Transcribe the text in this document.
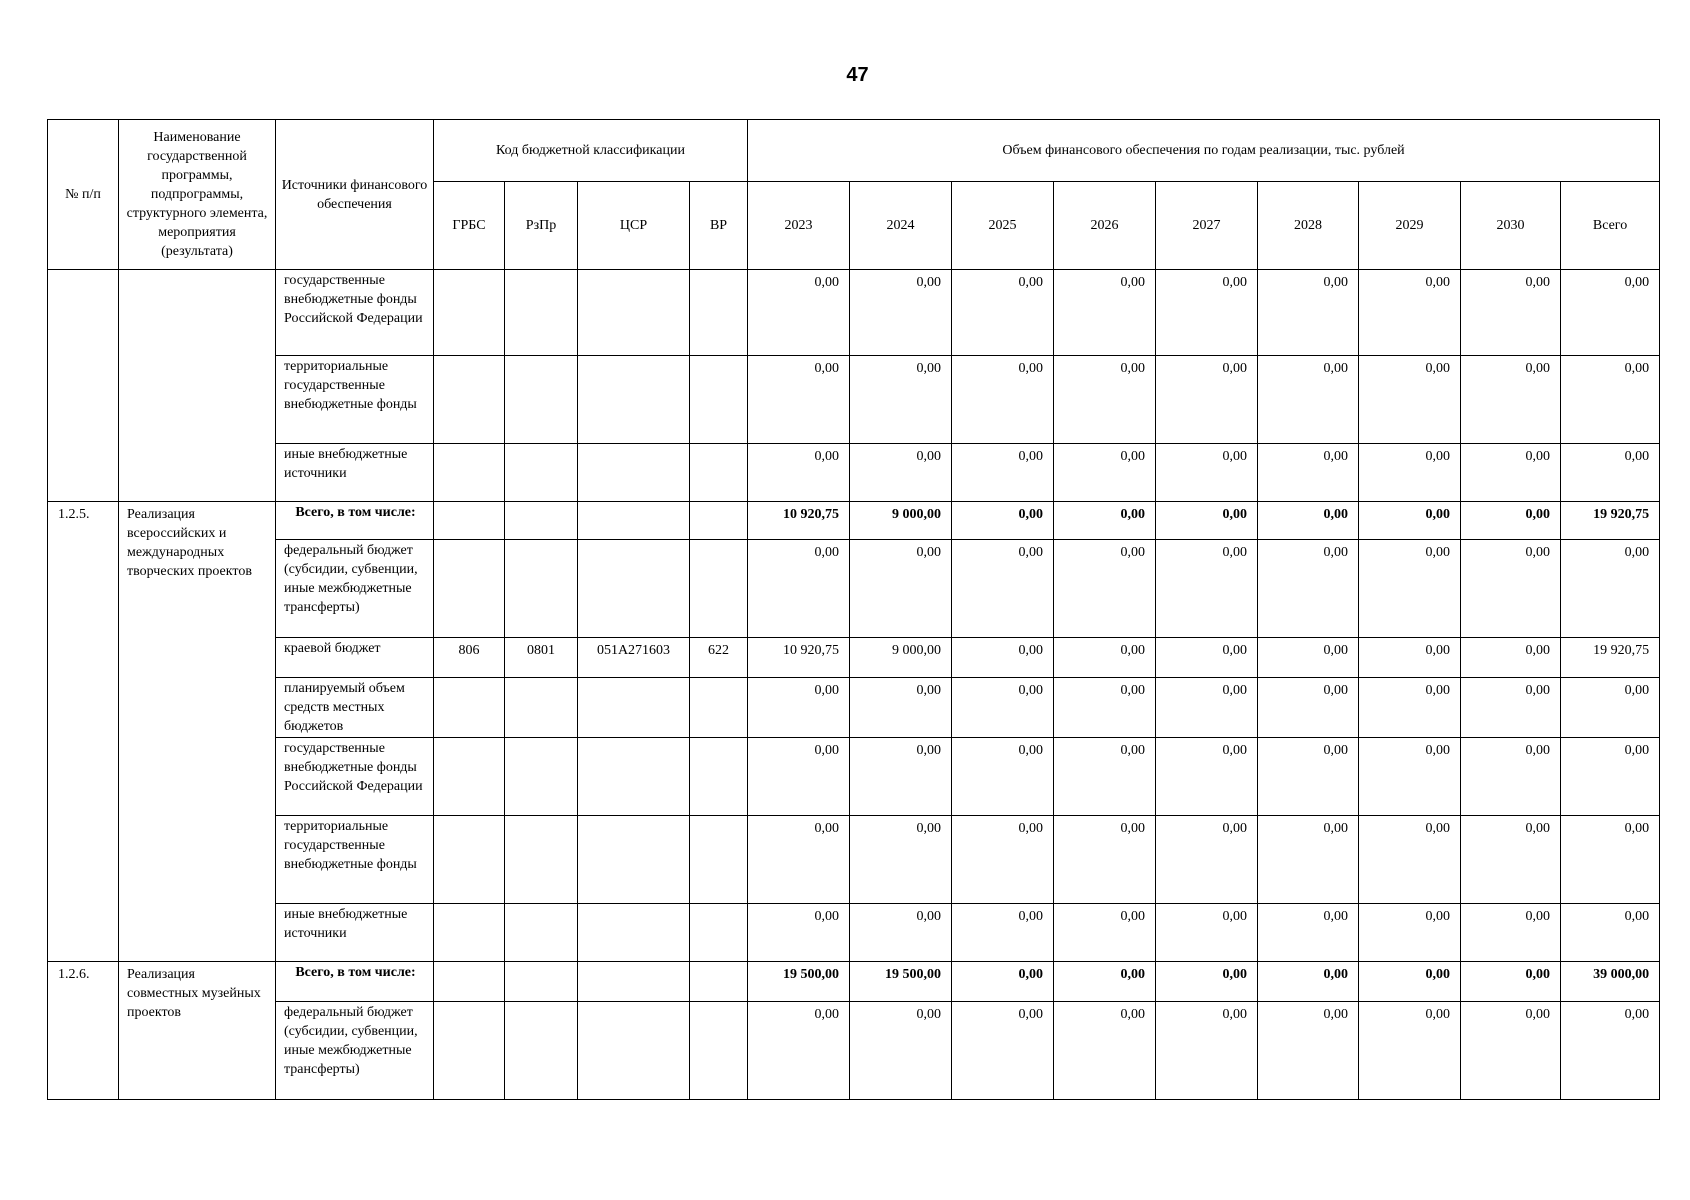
47
№ п/п	Наименование государственной программы, подпрограммы, структурного элемента, мероприятия (результата)	Источники финансового обеспечения	Код бюджетной классификации				Объем финансового обеспечения по годам реализации, тыс. рублей								
			ГРБС	РзПр	ЦСР	ВР	2023	2024	2025	2026	2027	2028	2029	2030	Всего
		государственные внебюджетные фонды Российской Федерации					0,00	0,00	0,00	0,00	0,00	0,00	0,00	0,00	0,00
		территориальные государственные внебюджетные фонды					0,00	0,00	0,00	0,00	0,00	0,00	0,00	0,00	0,00
		иные внебюджетные источники					0,00	0,00	0,00	0,00	0,00	0,00	0,00	0,00	0,00
1.2.5.	Реализация всероссийских и международных творческих проектов	Всего, в том числе:					10 920,75	9 000,00	0,00	0,00	0,00	0,00	0,00	0,00	19 920,75
		федеральный бюджет (субсидии, субвенции, иные межбюджетные трансферты)					0,00	0,00	0,00	0,00	0,00	0,00	0,00	0,00	0,00
		краевой бюджет	806	0801	051А271603	622	10 920,75	9 000,00	0,00	0,00	0,00	0,00	0,00	0,00	19 920,75
		планируемый объем средств местных бюджетов					0,00	0,00	0,00	0,00	0,00	0,00	0,00	0,00	0,00
		государственные внебюджетные фонды Российской Федерации					0,00	0,00	0,00	0,00	0,00	0,00	0,00	0,00	0,00
		территориальные государственные внебюджетные фонды					0,00	0,00	0,00	0,00	0,00	0,00	0,00	0,00	0,00
		иные внебюджетные источники					0,00	0,00	0,00	0,00	0,00	0,00	0,00	0,00	0,00
1.2.6.	Реализация совместных музейных проектов	Всего, в том числе:					19 500,00	19 500,00	0,00	0,00	0,00	0,00	0,00	0,00	39 000,00
		федеральный бюджет (субсидии, субвенции, иные межбюджетные трансферты)					0,00	0,00	0,00	0,00	0,00	0,00	0,00	0,00	0,00
